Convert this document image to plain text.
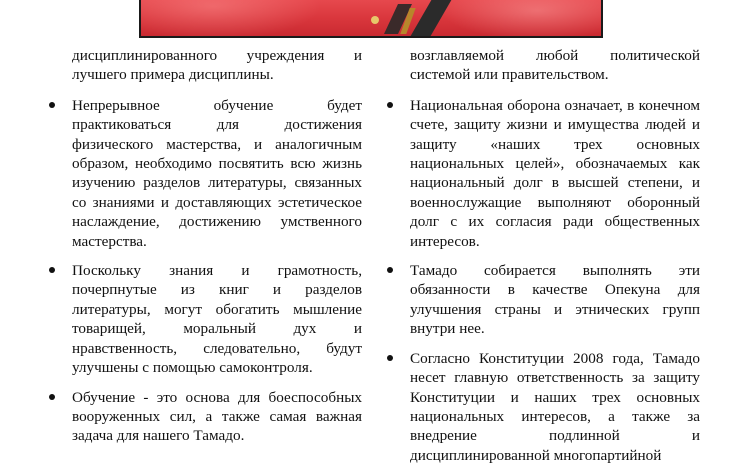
дисциплинированного учреждения и лучшего примера дисциплины.

Непрерывное обучение будет практиковаться для достижения физического мастерства, и аналогичным образом, необходимо посвятить всю жизнь изучению разделов литературы, связанных со знаниями и доставляющих эстетическое наслаждение, достижению умственного мастерства.

Поскольку знания и грамотность, почерпнутые из книг и разделов литературы, могут обогатить мышление товарищей, моральный дух и нравственность, следовательно, будут улучшены с помощью самоконтроля.

Обучение - это основа для боеспособных вооруженных сил, а также самая важная задача для нашего Тамадо.

возглавляемой любой политической системой или правительством.

Национальная оборона означает, в конечном счете, защиту жизни и имущества людей и защиту «наших трех основных национальных целей», обозначаемых как национальный долг в высшей степени, и военнослужащие выполняют оборонный долг с их согласия ради общественных интересов.

Тамадо собирается выполнять эти обязанности в качестве Опекуна для улучшения страны и этнических групп внутри нее.

Согласно Конституции 2008 года, Тамадо несет главную ответственность за защиту Конституции и наших трех основных национальных интересов, а также за внедрение подлинной и дисциплинированной многопартийной
